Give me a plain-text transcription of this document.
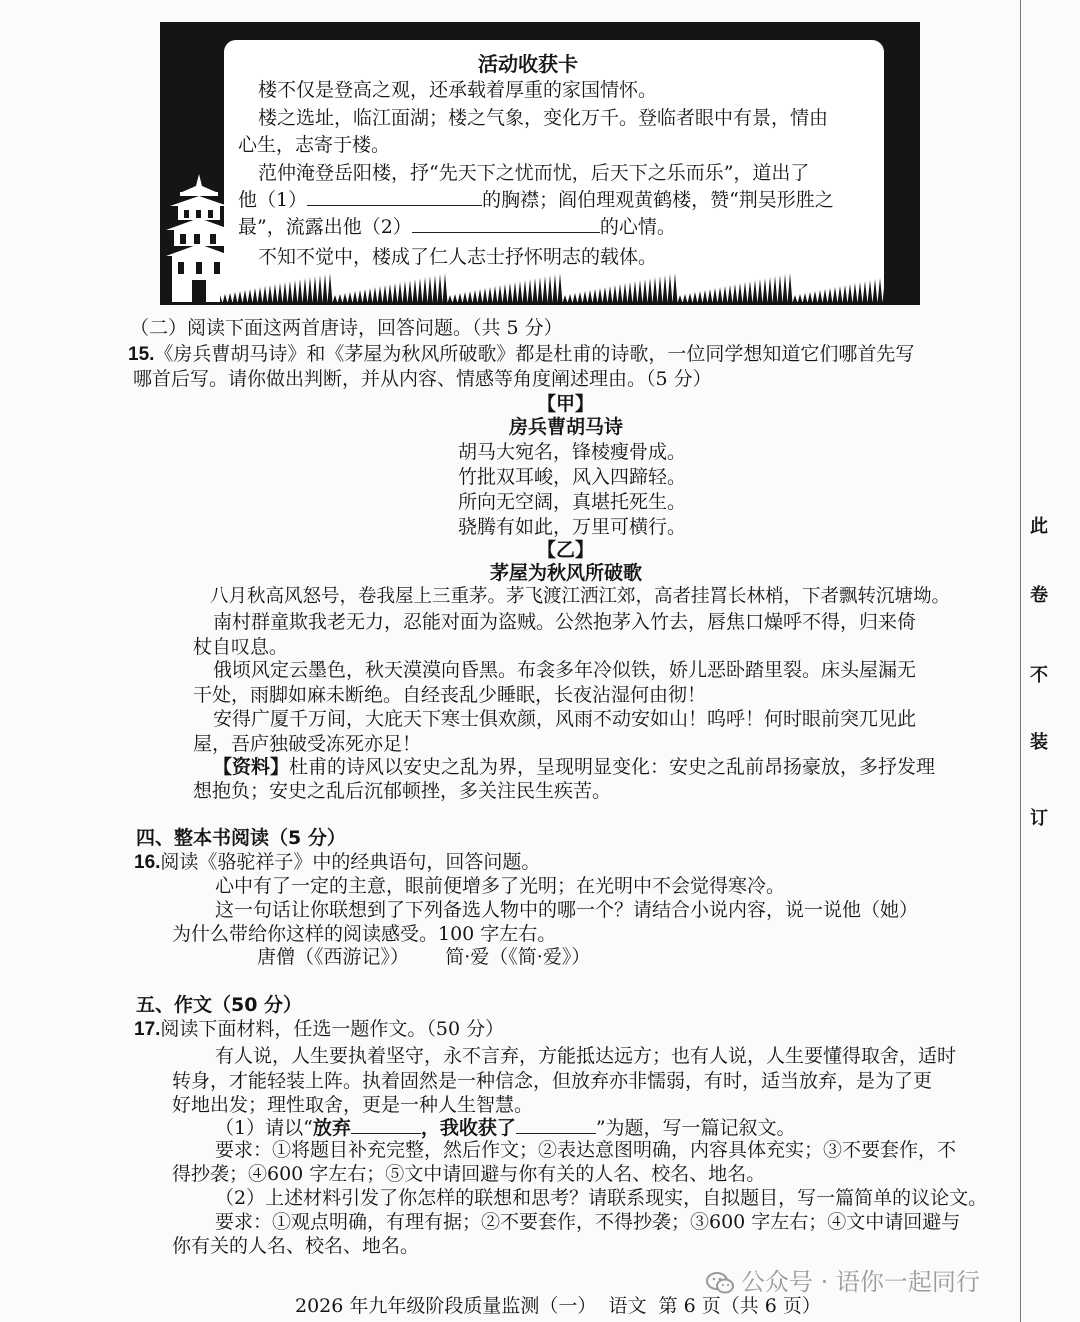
活动收获卡
楼不仅是登高之观，还承载着厚重的家国情怀。
楼之选址，临江面湖；楼之气象，变化万千。登临者眼中有景，情由
心生，志寄于楼。
范仲淹登岳阳楼，抒“先天下之忧而忧，后天下之乐而乐”，道出了
他（1）	的胸襟；阎伯理观黄鹤楼，赞“荆吴形胜之
最”，流露出他（2）	的心情。
不知不觉中，楼成了仁人志士抒怀明志的载体。
（二）阅读下面这两首唐诗，回答问题。（共 5 分）
15.《房兵曹胡马诗》和《茅屋为秋风所破歌》都是杜甫的诗歌，一位同学想知道它们哪首先写
哪首后写。请你做出判断，并从内容、情感等角度阐述理由。（5 分）
【甲】
房兵曹胡马诗
胡马大宛名，锋棱瘦骨成。
竹批双耳峻，风入四蹄轻。
所向无空阔，真堪托死生。
骁腾有如此，万里可横行。
【乙】
茅屋为秋风所破歌
八月秋高风怒号，卷我屋上三重茅。茅飞渡江洒江郊，高者挂罥长林梢，下者飘转沉塘坳。
南村群童欺我老无力，忍能对面为盗贼。公然抱茅入竹去，唇焦口燥呼不得，归来倚
杖自叹息。
俄顷风定云墨色，秋天漠漠向昏黑。布衾多年冷似铁，娇儿恶卧踏里裂。床头屋漏无
干处，雨脚如麻未断绝。自经丧乱少睡眠，长夜沾湿何由彻！
安得广厦千万间，大庇天下寒士俱欢颜，风雨不动安如山！呜呼！何时眼前突兀见此
屋，吾庐独破受冻死亦足！
【资料】杜甫的诗风以安史之乱为界，呈现明显变化：安史之乱前昂扬豪放，多抒发理
想抱负；安史之乱后沉郁顿挫，多关注民生疾苦。
四、整本书阅读（5 分）
16.阅读《骆驼祥子》中的经典语句，回答问题。
心中有了一定的主意，眼前便增多了光明；在光明中不会觉得寒冷。
这一句话让你联想到了下列备选人物中的哪一个？请结合小说内容，说一说他（她）
为什么带给你这样的阅读感受。100 字左右。
唐僧（《西游记》）      简·爱（《简·爱》）
五、作文（50 分）
17.阅读下面材料，任选一题作文。（50 分）
有人说，人生要执着坚守，永不言弃，方能抵达远方；也有人说，人生要懂得取舍，适时
转身，才能轻装上阵。执着固然是一种信念，但放弃亦非懦弱，有时，适当放弃，是为了更
好地出发；理性取舍，更是一种人生智慧。
（1）请以“放弃	，我收获了	”为题，写一篇记叙文。
要求：①将题目补充完整，然后作文；②表达意图明确，内容具体充实；③不要套作，不
得抄袭；④600 字左右；⑤文中请回避与你有关的人名、校名、地名。
（2）上述材料引发了你怎样的联想和思考？请联系现实，自拟题目，写一篇简单的议论文。
要求：①观点明确，有理有据；②不要套作，不得抄袭；③600 字左右；④文中请回避与
你有关的人名、校名、地名。
此
卷
不
装
订
公众号 · 语你一起同行
2026 年九年级阶段质量监测（一）  语文  第 6 页（共 6 页）
